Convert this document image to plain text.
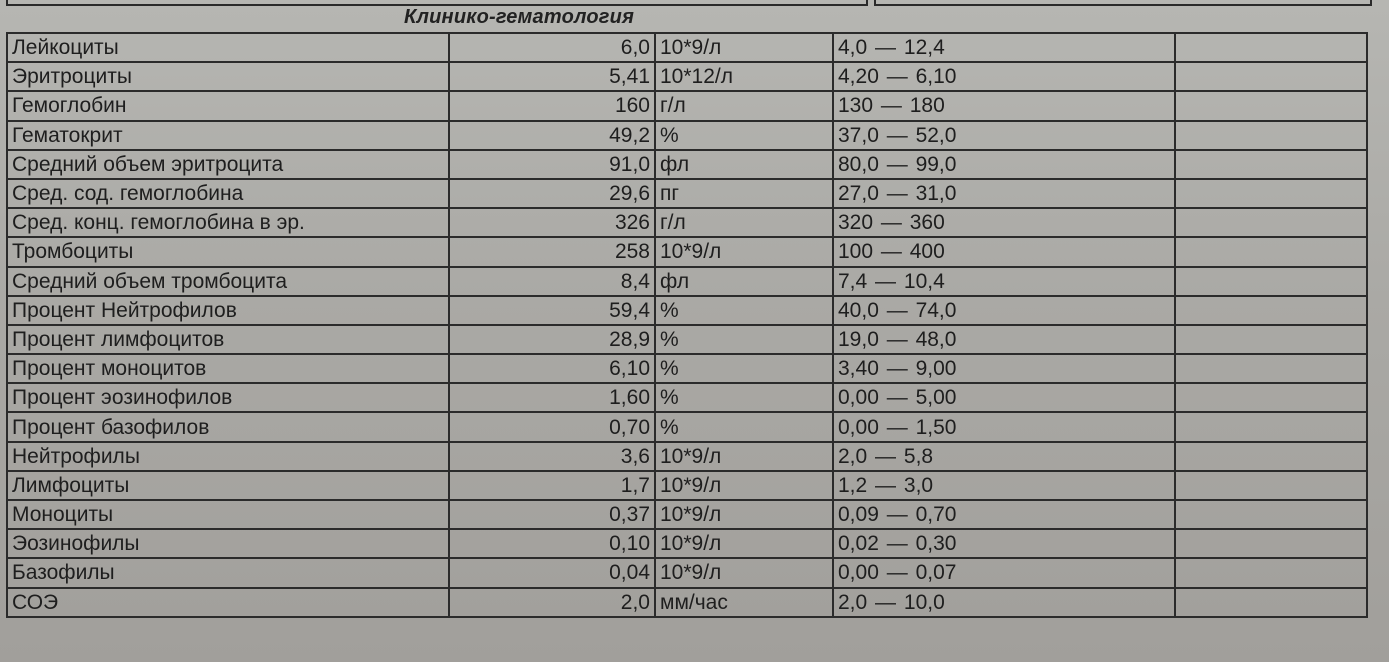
Клинико-гематология
Лейкоциты	6,0	10*9/л	4,0 — 12,4	
Эритроциты	5,41	10*12/л	4,20 — 6,10	
Гемоглобин	160	г/л	130 — 180	
Гематокрит	49,2	%	37,0 — 52,0	
Средний объем эритроцита	91,0	фл	80,0 — 99,0	
Сред. сод. гемоглобина	29,6	пг	27,0 — 31,0	
Сред. конц. гемоглобина в эр.	326	г/л	320 — 360	
Тромбоциты	258	10*9/л	100 — 400	
Средний объем тромбоцита	8,4	фл	7,4 — 10,4	
Процент Нейтрофилов	59,4	%	40,0 — 74,0	
Процент лимфоцитов	28,9	%	19,0 — 48,0	
Процент моноцитов	6,10	%	3,40 — 9,00	
Процент эозинофилов	1,60	%	0,00 — 5,00	
Процент базофилов	0,70	%	0,00 — 1,50	
Нейтрофилы	3,6	10*9/л	2,0 — 5,8	
Лимфоциты	1,7	10*9/л	1,2 — 3,0	
Моноциты	0,37	10*9/л	0,09 — 0,70	
Эозинофилы	0,10	10*9/л	0,02 — 0,30	
Базофилы	0,04	10*9/л	0,00 — 0,07	
СОЭ	2,0	мм/час	2,0 — 10,0	
